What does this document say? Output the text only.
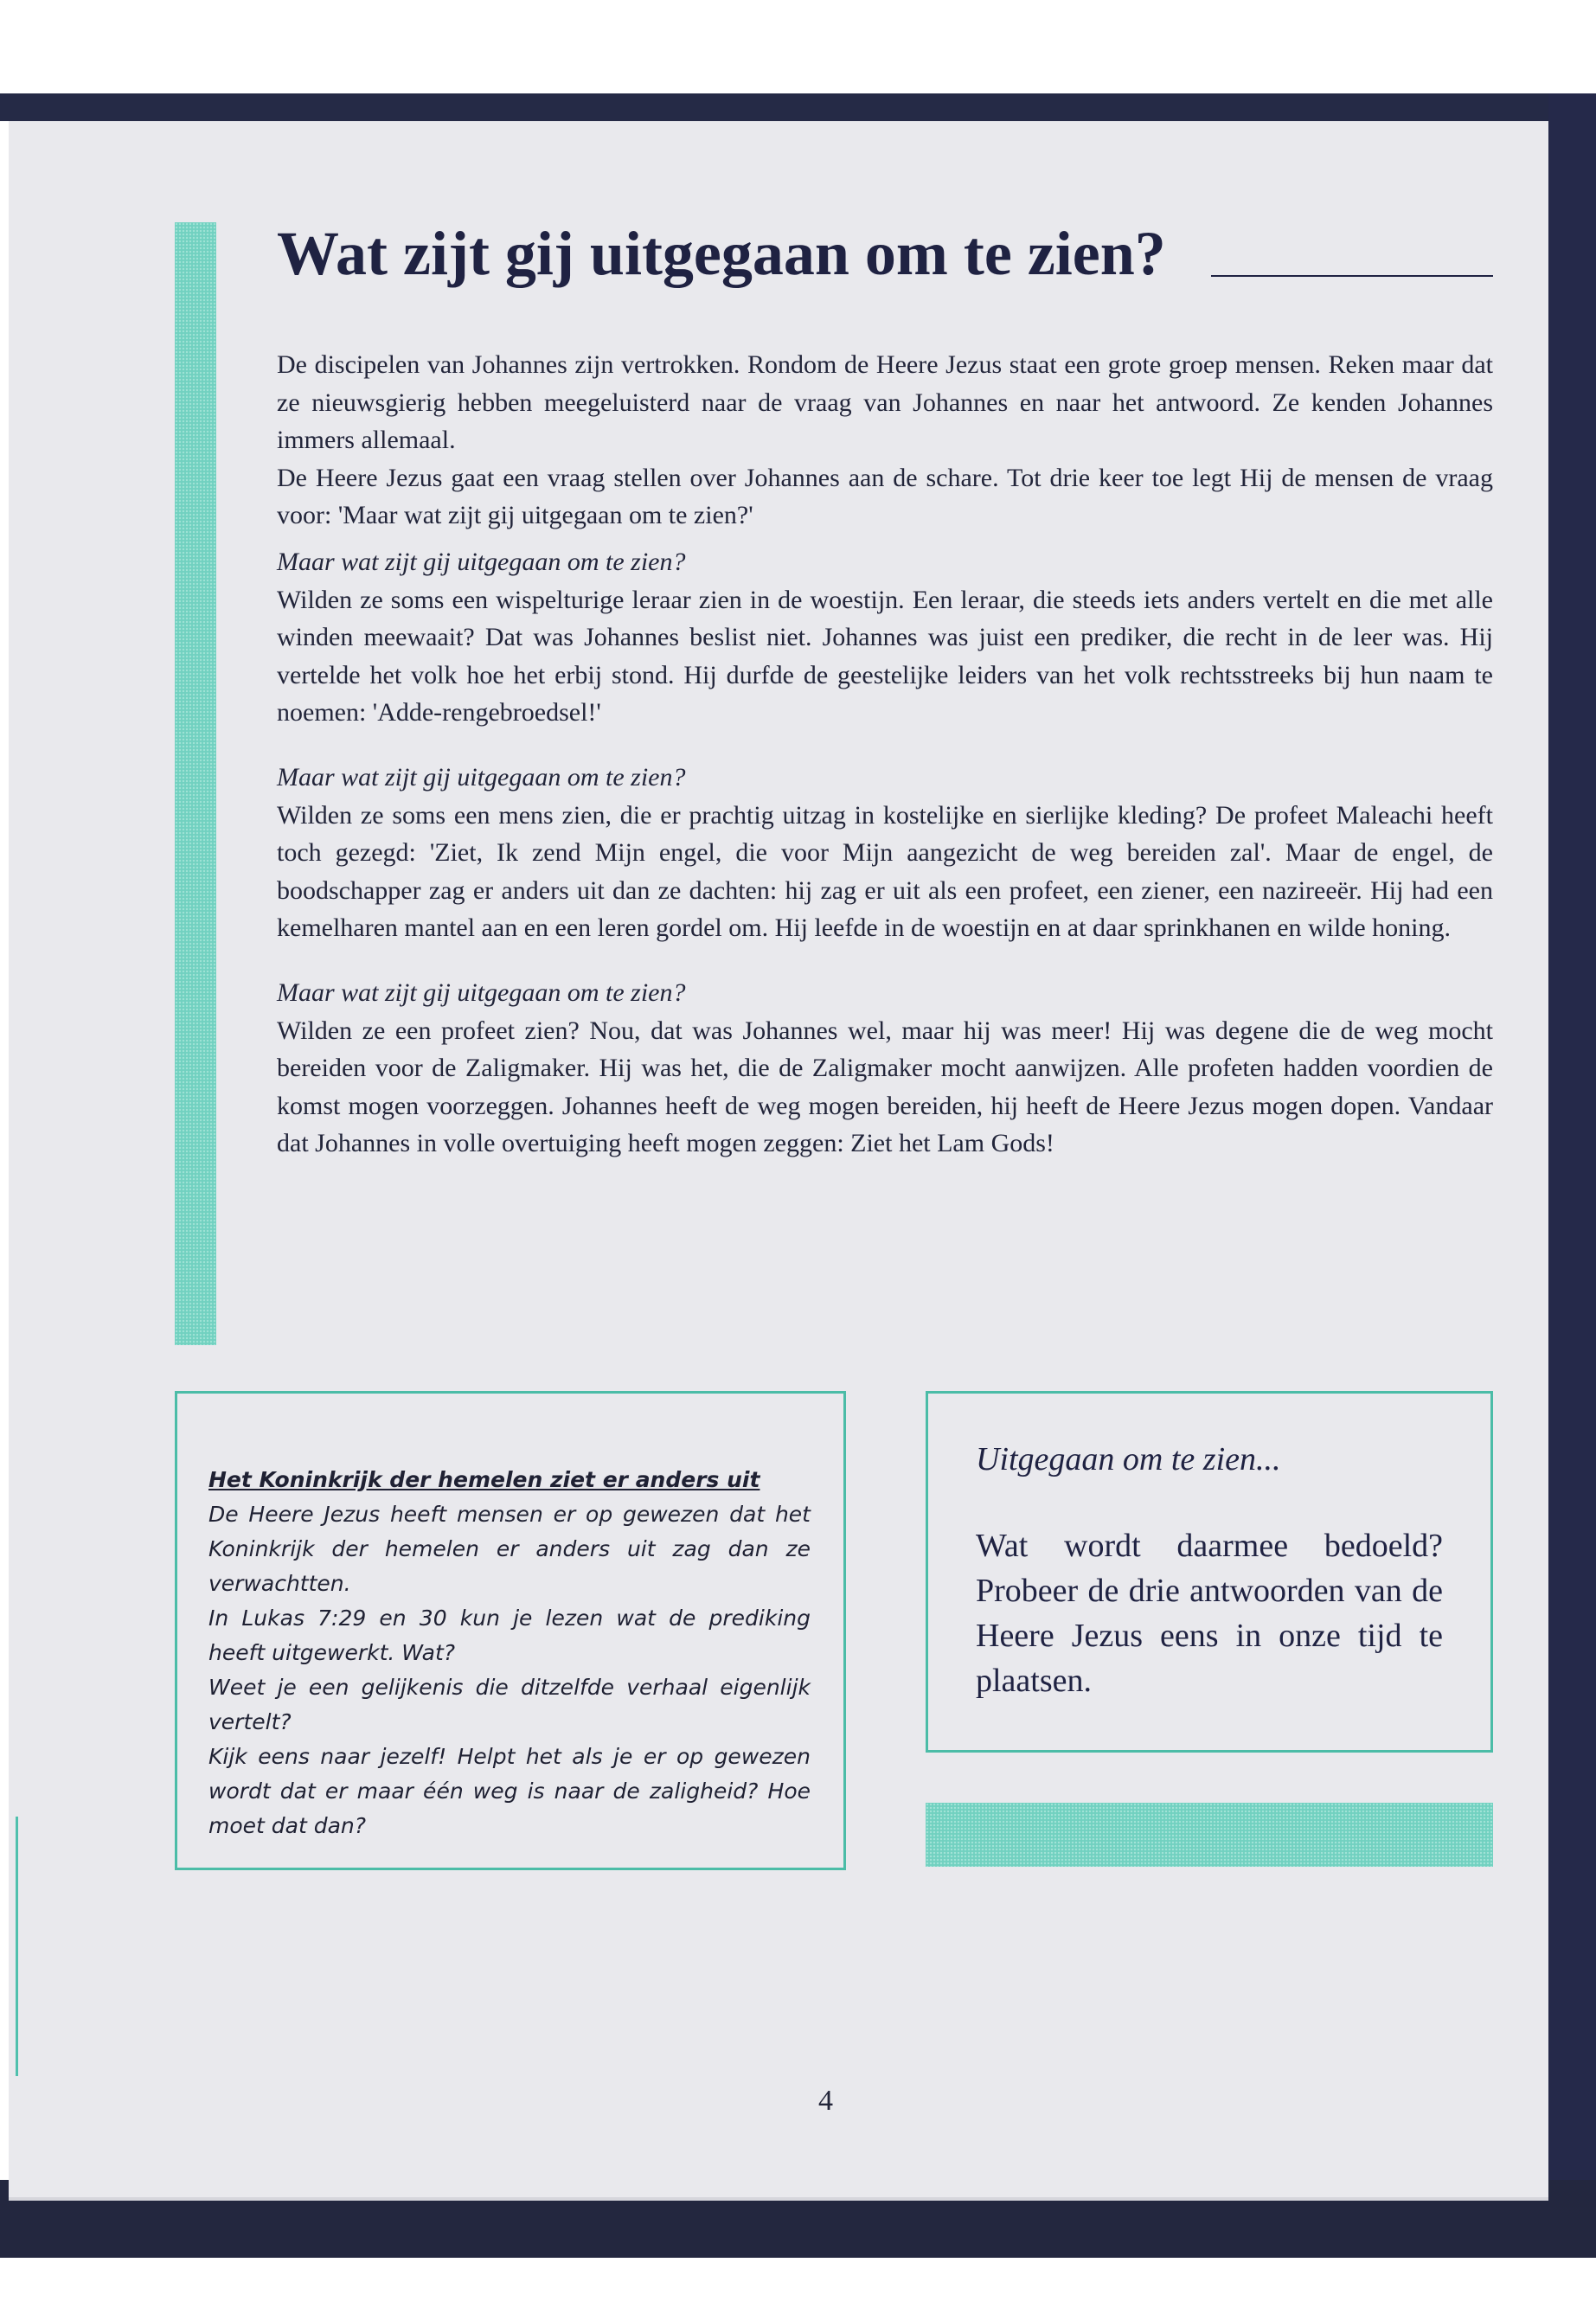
Wat zijt gij uitgegaan om te zien?

De discipelen van Johannes zijn vertrokken. Rondom de Heere Jezus staat een grote groep mensen. Reken maar dat ze nieuwsgierig hebben meegeluisterd naar de vraag van Johannes en naar het antwoord. Ze kenden Johannes immers allemaal.

De Heere Jezus gaat een vraag stellen over Johannes aan de schare. Tot drie keer toe legt Hij de mensen de vraag voor: 'Maar wat zijt gij uitgegaan om te zien?'

Maar wat zijt gij uitgegaan om te zien?

Wilden ze soms een wispelturige leraar zien in de woestijn. Een leraar, die steeds iets anders vertelt en die met alle winden meewaait? Dat was Johannes beslist niet. Johannes was juist een prediker, die recht in de leer was. Hij vertelde het volk hoe het erbij stond. Hij durfde de geestelijke leiders van het volk rechtsstreeks bij hun naam te noemen: 'Adde-rengebroedsel!'

Maar wat zijt gij uitgegaan om te zien?

Wilden ze soms een mens zien, die er prachtig uitzag in kostelijke en sierlijke kleding? De profeet Maleachi heeft toch gezegd: 'Ziet, Ik zend Mijn engel, die voor Mijn aangezicht de weg bereiden zal'. Maar de engel, de boodschapper zag er anders uit dan ze dachten: hij zag er uit als een profeet, een ziener, een nazireeër. Hij had een kemelharen mantel aan en een leren gordel om. Hij leefde in de woestijn en at daar sprinkhanen en wilde honing.

Maar wat zijt gij uitgegaan om te zien?

Wilden ze een profeet zien? Nou, dat was Johannes wel, maar hij was meer! Hij was degene die de weg mocht bereiden voor de Zaligmaker. Hij was het, die de Zaligmaker mocht aanwijzen. Alle profeten hadden voordien de komst mogen voorzeggen. Johannes heeft de weg mogen bereiden, hij heeft de Heere Jezus mogen dopen. Vandaar dat Johannes in volle overtuiging heeft mogen zeggen: Ziet het Lam Gods!

Het Koninkrijk der hemelen ziet er anders uit

De Heere Jezus heeft mensen er op gewezen dat het Koninkrijk der hemelen er anders uit zag dan ze verwachtten.

In Lukas 7:29 en 30 kun je lezen wat de prediking heeft uitgewerkt. Wat?

Weet je een gelijkenis die ditzelfde verhaal eigenlijk vertelt?

Kijk eens naar jezelf! Helpt het als je er op gewezen wordt dat er maar één weg is naar de zaligheid? Hoe moet dat dan?

Uitgegaan om te zien...

Wat wordt daarmee bedoeld? Probeer de drie antwoorden van de Heere Jezus eens in onze tijd te plaatsen.

4
